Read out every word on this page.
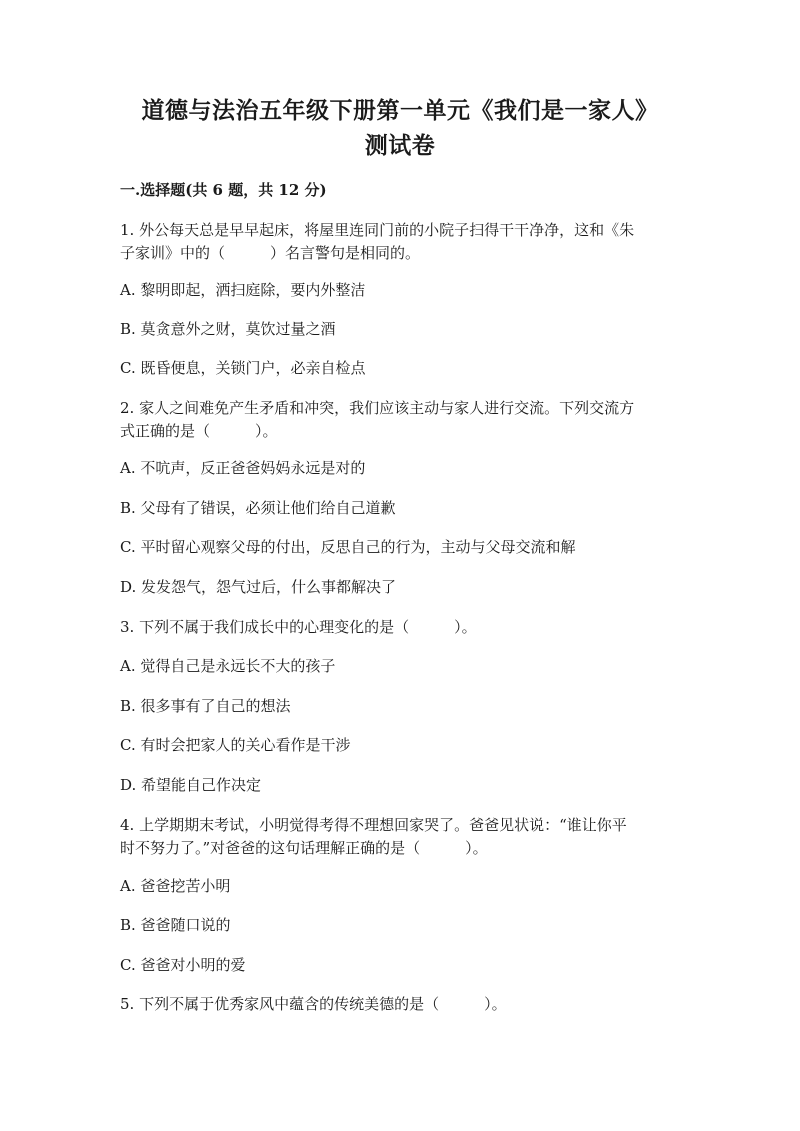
道德与法治五年级下册第一单元《我们是一家人》
测试卷
一.选择题(共 6 题，共 12 分)
1. 外公每天总是早早起床，将屋里连同门前的小院子扫得干干净净，这和《朱
子家训》中的（　　　）名言警句是相同的。
A. 黎明即起，洒扫庭除，要内外整洁
B. 莫贪意外之财，莫饮过量之酒
C. 既昏便息，关锁门户，必亲自检点
2. 家人之间难免产生矛盾和冲突，我们应该主动与家人进行交流。下列交流方
式正确的是（　　　）。
A. 不吭声，反正爸爸妈妈永远是对的
B. 父母有了错误，必须让他们给自己道歉
C. 平时留心观察父母的付出，反思自己的行为，主动与父母交流和解
D. 发发怨气，怨气过后，什么事都解决了
3. 下列不属于我们成长中的心理变化的是（　　　）。
A. 觉得自己是永远长不大的孩子
B. 很多事有了自己的想法
C. 有时会把家人的关心看作是干涉
D. 希望能自己作决定
4. 上学期期末考试，小明觉得考得不理想回家哭了。爸爸见状说：“谁让你平
时不努力了。”对爸爸的这句话理解正确的是（　　　）。
A. 爸爸挖苦小明
B. 爸爸随口说的
C. 爸爸对小明的爱
5. 下列不属于优秀家风中蕴含的传统美德的是（　　　）。
